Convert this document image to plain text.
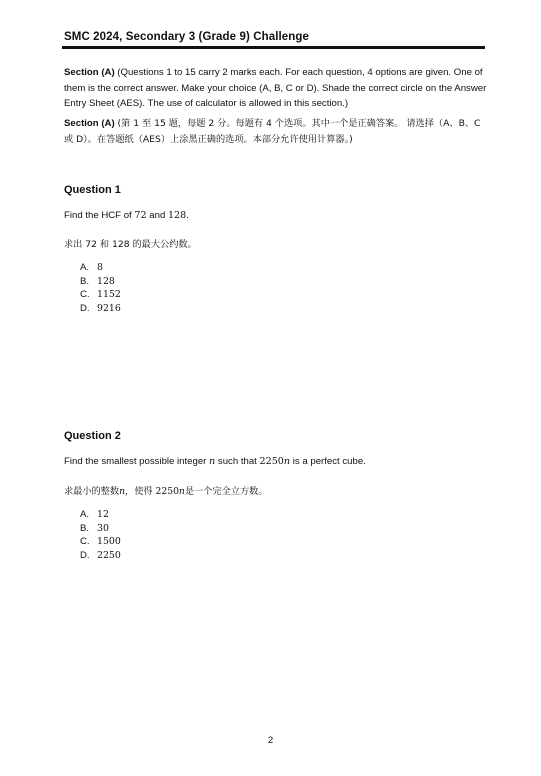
SMC 2024, Secondary 3 (Grade 9) Challenge
Section (A) (Questions 1 to 15 carry 2 marks each. For each question, 4 options are given. One of them is the correct answer. Make your choice (A, B, C or D). Shade the correct circle on the Answer Entry Sheet (AES). The use of calculator is allowed in this section.)
Section (A) (第 1 至 15 题，每题 2 分。每题有 4 个选项。其中一个是正确答案。 请选择（A、B、C 或 D）。在答题纸（AES）上涂黑正确的选项。本部分允许使用计算器。)
Question 1
Find the HCF of 72 and 128.
求出 72 和 128 的最大公约数。
A. 8
B. 128
C. 1152
D. 9216
Question 2
Find the smallest possible integer n such that 2250n is a perfect cube.
求最小的整数n，使得 2250n是一个完全立方数。
A. 12
B. 30
C. 1500
D. 2250
2
